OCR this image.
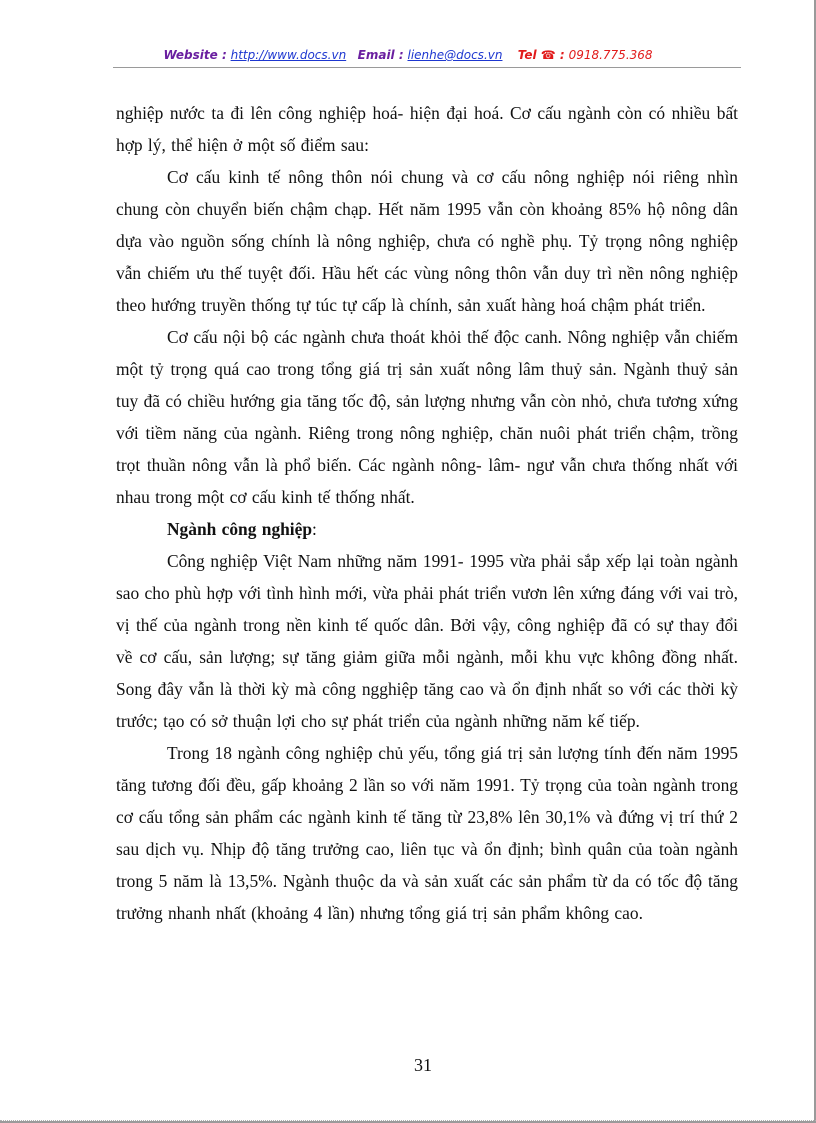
Website : http://www.docs.vn Email : lienhe@docs.vn Tel ☎ : 0918.775.368

nghiệp nước ta đi lên công nghiệp hoá- hiện đại hoá. Cơ cấu ngành còn có nhiều bất hợp lý, thể hiện ở một số điểm sau:

Cơ cấu kinh tế nông thôn nói chung và cơ cấu nông nghiệp nói riêng nhìn chung còn chuyển biến chậm chạp. Hết năm 1995 vẫn còn khoảng 85% hộ nông dân dựa vào nguồn sống chính là nông nghiệp, chưa có nghề phụ. Tỷ trọng nông nghiệp vẫn chiếm ưu thế tuyệt đối. Hầu hết các vùng nông thôn vẫn duy trì nền nông nghiệp theo hướng truyền thống tự túc tự cấp là chính, sản xuất hàng hoá chậm phát triển.

Cơ cấu nội bộ các ngành chưa thoát khỏi thế độc canh. Nông nghiệp vẫn chiếm một tỷ trọng quá cao trong tổng giá trị sản xuất nông lâm thuỷ sản. Ngành thuỷ sản tuy đã có chiều hướng gia tăng tốc độ, sản lượng nhưng vẫn còn nhỏ, chưa tương xứng với tiềm năng của ngành. Riêng trong nông nghiệp, chăn nuôi phát triển chậm, trồng trọt thuần nông vẫn là phổ biến. Các ngành nông- lâm- ngư vẫn chưa thống nhất với nhau trong một cơ cấu kinh tế thống nhất.

Ngành công nghiệp:

Công nghiệp Việt Nam những năm 1991- 1995 vừa phải sắp xếp lại toàn ngành sao cho phù hợp với tình hình mới, vừa phải phát triển vươn lên xứng đáng với vai trò, vị thế của ngành trong nền kinh tế quốc dân. Bởi vậy, công nghiệp đã có sự thay đổi về cơ cấu, sản lượng; sự tăng giảm giữa mỗi ngành, mỗi khu vực không đồng nhất. Song đây vẫn là thời kỳ mà công ngghiệp tăng cao và ổn định nhất so với các thời kỳ trước; tạo có sở thuận lợi cho sự phát triển của ngành những năm kế tiếp.

Trong 18 ngành công nghiệp chủ yếu, tổng giá trị sản lượng tính đến năm 1995 tăng tương đối đều, gấp khoảng 2 lần so với năm 1991. Tỷ trọng của toàn ngành trong cơ cấu tổng sản phẩm các ngành kinh tế tăng từ 23,8% lên 30,1% và đứng vị trí thứ 2 sau dịch vụ. Nhịp độ tăng trưởng cao, liên tục và ổn định; bình quân của toàn ngành trong 5 năm là 13,5%. Ngành thuộc da và sản xuất các sản phẩm từ da có tốc độ tăng trưởng nhanh nhất (khoảng 4 lần) nhưng tổng giá trị sản phẩm không cao.

31
